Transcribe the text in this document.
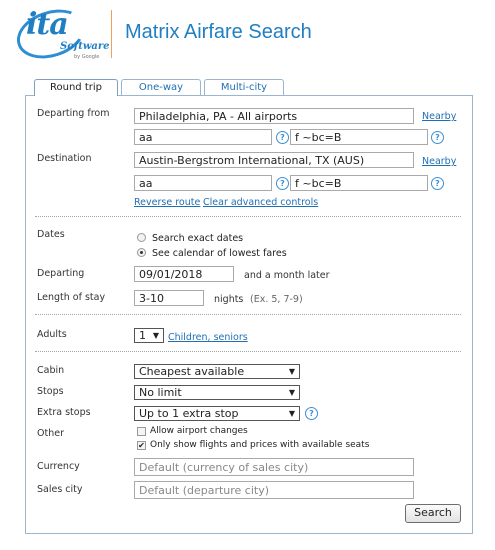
ita
Software
by Google
Matrix Airfare Search
Round trip	One-way	Multi-city
Departing from	Philadelphia, PA - All airports	Nearby
aa	? f ~bc=B	?
Destination	Austin-Bergstrom International, TX (AUS)	Nearby
aa	? f ~bc=B	?
Reverse route Clear advanced controls
Dates	Search exact dates
See calendar of lowest fares
Departing	09/01/2018	and a month later
Length of stay	3-10	nights (Ex. 5, 7-9)
Adults	1 ▼ Children, seniors
Cabin	Cheapest available	▼
Stops	No limit	▼
Extra stops	Up to 1 extra stop	▼	?
Other	Allow airport changes
✔ Only show flights and prices with available seats
Currency	Default (currency of sales city)
Sales city	Default (departure city)
Search
